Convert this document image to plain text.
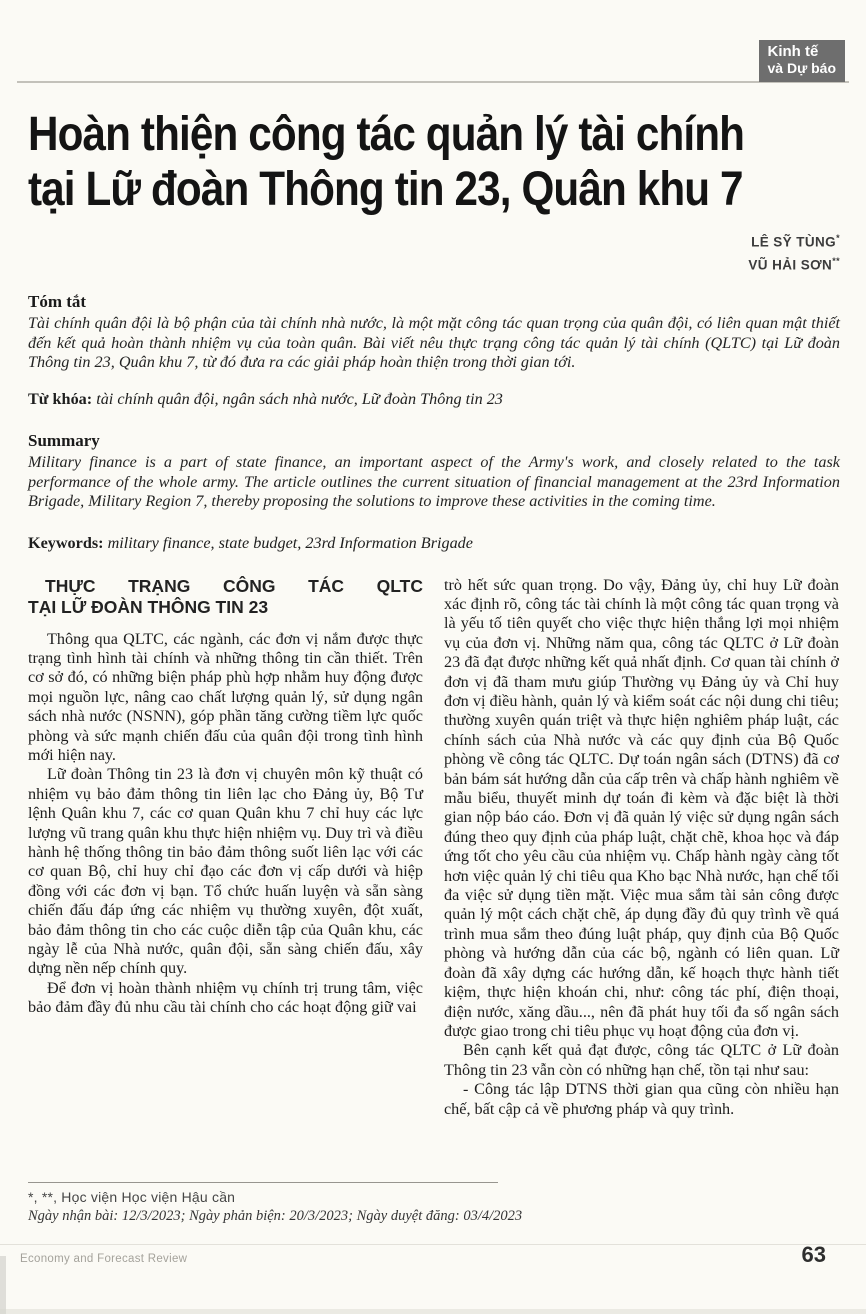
Kinh tế
và Dự báo
Hoàn thiện công tác quản lý tài chính
tại Lữ đoàn Thông tin 23, Quân khu 7
LÊ SỸ TÙNG*
VŨ HẢI SƠN**
Tóm tắt
Tài chính quân đội là bộ phận của tài chính nhà nước, là một mặt công tác quan trọng của quân đội, có liên quan mật thiết đến kết quả hoàn thành nhiệm vụ của toàn quân. Bài viết nêu thực trạng công tác quản lý tài chính (QLTC) tại Lữ đoàn Thông tin 23, Quân khu 7, từ đó đưa ra các giải pháp hoàn thiện trong thời gian tới.
Từ khóa: tài chính quân đội, ngân sách nhà nước, Lữ đoàn Thông tin 23
Summary
Military finance is a part of state finance, an important aspect of the Army's work, and closely related to the task performance of the whole army. The article outlines the current situation of financial management at the 23rd Information Brigade, Military Region 7, thereby proposing the solutions to improve these activities in the coming time.
Keywords: military finance, state budget, 23rd Information Brigade
THỰC TRẠNG CÔNG TÁC QLTC
TẠI LỮ ĐOÀN THÔNG TIN 23

Thông qua QLTC, các ngành, các đơn vị nắm được thực trạng tình hình tài chính và những thông tin cần thiết. Trên cơ sở đó, có những biện pháp phù hợp nhằm huy động được mọi nguồn lực, nâng cao chất lượng quản lý, sử dụng ngân sách nhà nước (NSNN), góp phần tăng cường tiềm lực quốc phòng và sức mạnh chiến đấu của quân đội trong tình hình mới hiện nay.

Lữ đoàn Thông tin 23 là đơn vị chuyên môn kỹ thuật có nhiệm vụ bảo đảm thông tin liên lạc cho Đảng ủy, Bộ Tư lệnh Quân khu 7, các cơ quan Quân khu 7 chỉ huy các lực lượng vũ trang quân khu thực hiện nhiệm vụ. Duy trì và điều hành hệ thống thông tin bảo đảm thông suốt liên lạc với các cơ quan Bộ, chỉ huy chỉ đạo các đơn vị cấp dưới và hiệp đồng với các đơn vị bạn. Tổ chức huấn luyện và sẵn sàng chiến đấu đáp ứng các nhiệm vụ thường xuyên, đột xuất, bảo đảm thông tin cho các cuộc diễn tập của Quân khu, các ngày lễ của Nhà nước, quân đội, sẵn sàng chiến đấu, xây dựng nền nếp chính quy.

Để đơn vị hoàn thành nhiệm vụ chính trị trung tâm, việc bảo đảm đầy đủ nhu cầu tài chính cho các hoạt động giữ vai

trò hết sức quan trọng. Do vậy, Đảng ủy, chỉ huy Lữ đoàn xác định rõ, công tác tài chính là một công tác quan trọng và là yếu tố tiên quyết cho việc thực hiện thắng lợi mọi nhiệm vụ của đơn vị. Những năm qua, công tác QLTC ở Lữ đoàn 23 đã đạt được những kết quả nhất định. Cơ quan tài chính ở đơn vị đã tham mưu giúp Thường vụ Đảng ủy và Chỉ huy đơn vị điều hành, quản lý và kiểm soát các nội dung chi tiêu; thường xuyên quán triệt và thực hiện nghiêm pháp luật, các chính sách của Nhà nước và các quy định của Bộ Quốc phòng về công tác QLTC. Dự toán ngân sách (DTNS) đã cơ bản bám sát hướng dẫn của cấp trên và chấp hành nghiêm về mẫu biểu, thuyết minh dự toán đi kèm và đặc biệt là thời gian nộp báo cáo. Đơn vị đã quản lý việc sử dụng ngân sách đúng theo quy định của pháp luật, chặt chẽ, khoa học và đáp ứng tốt cho yêu cầu của nhiệm vụ. Chấp hành ngày càng tốt hơn việc quản lý chi tiêu qua Kho bạc Nhà nước, hạn chế tối đa việc sử dụng tiền mặt. Việc mua sắm tài sản công được quản lý một cách chặt chẽ, áp dụng đầy đủ quy trình về quá trình mua sắm theo đúng luật pháp, quy định của Bộ Quốc phòng và hướng dẫn của các bộ, ngành có liên quan. Lữ đoàn đã xây dựng các hướng dẫn, kế hoạch thực hành tiết kiệm, thực hiện khoán chi, như: công tác phí, điện thoại, điện nước, xăng dầu..., nên đã phát huy tối đa số ngân sách được giao trong chi tiêu phục vụ hoạt động của đơn vị.

Bên cạnh kết quả đạt được, công tác QLTC ở Lữ đoàn Thông tin 23 vẫn còn có những hạn chế, tồn tại như sau:

- Công tác lập DTNS thời gian qua cũng còn nhiều hạn chế, bất cập cả về phương pháp và quy trình.

*, **, Học viện Học viện Hậu cần
Ngày nhận bài: 12/3/2023; Ngày phản biện: 20/3/2023; Ngày duyệt đăng: 03/4/2023
Economy and Forecast Review	63
